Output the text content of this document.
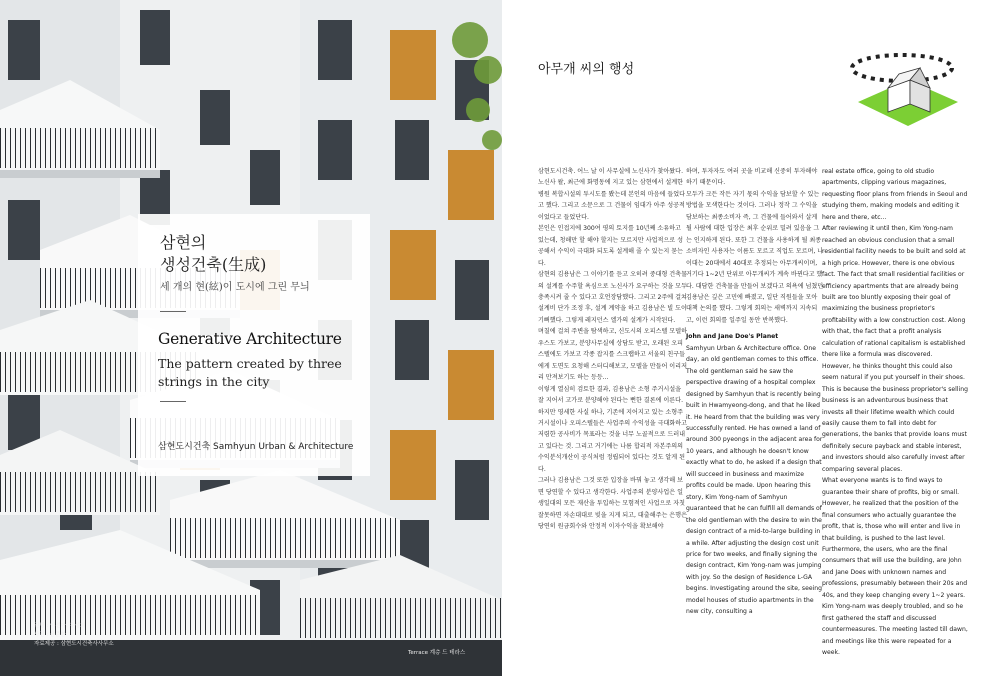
삼현의
생성건축(生成)
세 개의 현(絃)이 도시에 그린 무늬
Generative Architecture
The pattern created by three
strings in the city
삼현도시건축 Samhyun Urban & Architecture
진행 : 이선아, 유성희
사진 : 윤준환
자료제공 : 삼현도시건축사사무소
Terrace 계층 드 테라스
아무개 씨의 행성

삼현도시건축. 어느 날 이 사무실에 노신사가 찾아왔다. 노신사 왈, 최근에 화명동에 지고 있는 삼현에서 설계한 병원 복합시설의 투시도를 봤는데 본인의 마음에 들었다고 했다. 그리고 소문으로 그 건물이 임대가 아주 성공적이었다고 들었단다.

본인은 인접지에 300여 평의 토지를 10년째 소유하고 있는데, 청해만 할 해야 할지는 모르지만 사업적으로 성공해서 수익이 극대화 되도록 설계해 줄 수 있는지 묻는다.

삼현의 김용남은 그 이야기를 듣고 오히려 중대형 건축물의 설계를 수주할 욕심으로 노신사가 요구하는 것을 모두 충족시켜 줄 수 있다고 호언장담했다. 그리고 2주에 걸쳐 설계비 단가 조정 후, 설계 계약을 하고 김용남은 빌 도이 기뻐했다. 그렇게 레지던스 엘가의 설계가 시작된다.

며칠에 걸쳐 주변을 탐색하고, 신도시의 오피스텔 모델하우스도 가보고, 분양사무실에 상담도 받고, 오래된 오피스텔에도 가보고 각종 잡지를 스크랩하고 서울의 친구들에게 도면도 요청해 스터디해보고, 모델을 만들어 이리저리 만져보기도 하는 등등...

이렇게 열심히 검토한 결과, 김용남은 소형 주거시설을 잘 지어서 고가로 분양해야 된다는 뻔한 결론에 이른다. 하지만 영세한 사실 하나, 기존에 지어지고 있는 소형주거시설이나 오피스텔들은 사업주의 수익성을 극대화하고 저렴한 공사비가 목표라는 것을 너무 노골적으로 드러내고 있다는 것. 그리고 거기에는 나름 합리적 자본주의의 수익분석개산이 공식처럼 정립되어 있다는 것도 알게 된다.

그러나 김용남은 그것 또한 입장을 바꿔 놓고 생각해 보면 당연할 수 있다고 생각한다. 사업주의 분양사업은 일생일대의 모든 재산을 투입하는 모험적인 사업으로 자칫 잘못하면 자손대대로 빚을 지게 되고, 대출해주는 은행은 당연히 원금회수와 안정적 이자수익을 확보해야

하며, 투자자도 여러 곳을 비교해 신중히 투자해야 하기 때문이다.

모두가 크든 작든 자기 몫의 수익을 담보할 수 있는 방법을 모색한다는 것이다. 그러나 정작 그 수익을 담보하는 최종소비자 즉, 그 건물에 들어와서 살게 될 사람에 대한 입장은 최후 순위로 밀려 있음을 그는 인지하게 된다. 또한 그 건물을 사용하게 될 최종 소비자인 사용자는 이름도 모르고 직업도 모르며, 나이대는 20대에서 40대로 추정되는 아무개씨이며, 거기다 1~2년 단위로 아무개씨가 계속 바뀐다고 했다. 대담한 건축물을 만들어 보겠다고 의욕에 넘쳤던 김용남은 깊은 고민에 빠졌고, 일단 직원들을 모아 대책 논의를 했다. 그렇게 회의는 새벽까지 지속되고, 이런 회의를 일주일 동안 반복했다.

John and Jane Doe's Planet

Samhyun Urban & Architecture office. One day, an old gentleman comes to this office. The old gentleman said he saw the perspective drawing of a hospital complex designed by Samhyun that is recently being built in Hwamyeong-dong, and that he liked it. He heard from that the building was very successfully rented. He has owned a land of around 300 pyeongs in the adjacent area for 10 years, and although he doesn't know exactly what to do, he asked if a design that will succeed in business and maximize profits could be made. Upon hearing this story, Kim Yong-nam of Samhyun guaranteed that he can fulfill all demands of the old gentleman with the desire to win the design contract of a mid-to-large building in a while. After adjusting the design cost unit price for two weeks, and finally signing the design contract, Kim Yong-nam was jumping with joy. So the design of Residence L-GA begins. Investigating around the site, seeing model houses of studio apartments in the new city, consulting a

real estate office, going to old studio apartments, clipping various magazines, requesting floor plans from friends in Seoul and studying them, making models and editing it here and there, etc...

After reviewing it until then, Kim Yong-nam reached an obvious conclusion that a small residential facility needs to be built and sold at a high price. However, there is one obvious fact. The fact that small residential facilities or efficiency apartments that are already being built are too bluntly exposing their goal of maximizing the business proprietor's profitability with a low construction cost. Along with that, the fact that a profit analysis calculation of rational capitalism is established there like a formula was discovered.

However, he thinks thought this could also seem natural if you put yourself in their shoes. This is because the business proprietor's selling business is an adventurous business that invests all their lifetime wealth which could easily cause them to fall into debt for generations, the banks that provide loans must definitely secure payback and stable interest, and investors should also carefully invest after comparing several places.

What everyone wants is to find ways to guarantee their share of profits, big or small. However, he realized that the position of the final consumers who actually guarantee the profit, that is, those who will enter and live in that building, is pushed to the last level. Furthermore, the users, who are the final consumers that will use the building, are John and Jane Does with unknown names and professions, presumably between their 20s and 40s, and they keep changing every 1~2 years.

Kim Yong-nam was deeply troubled, and so he first gathered the staff and discussed countermeasures. The meeting lasted till dawn, and meetings like this were repeated for a week.
